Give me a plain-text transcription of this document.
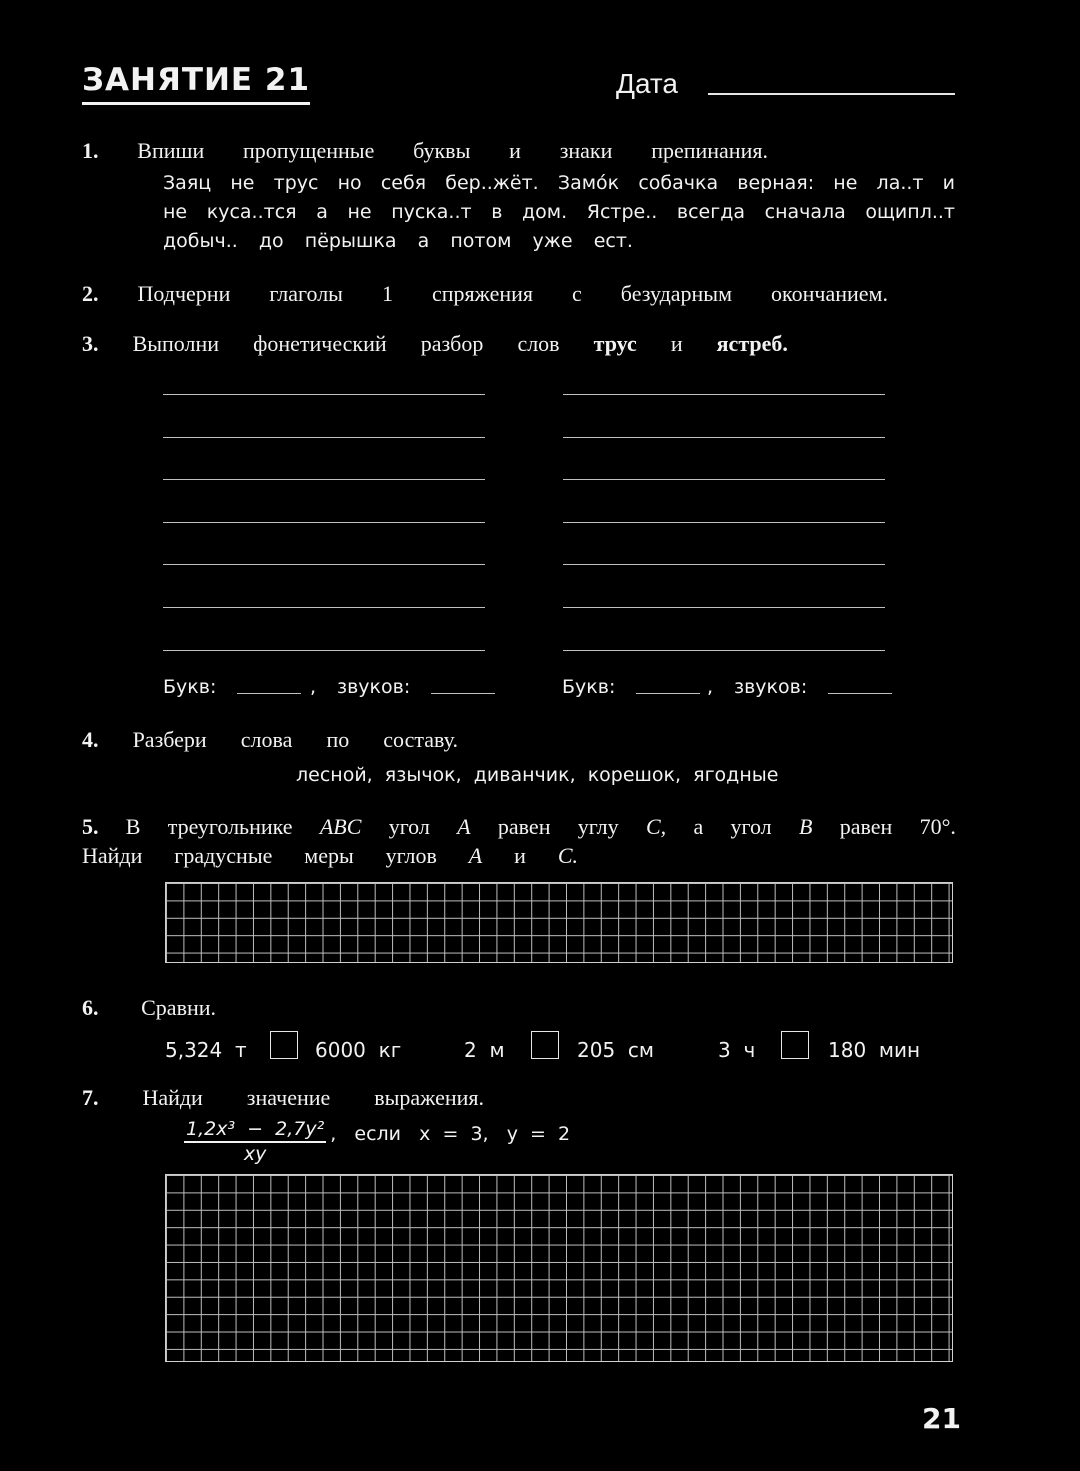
ЗАНЯТИЕ 21	Дата
1. Впиши пропущенные буквы и знаки препинания.
Заяц не трус но себя бер..жёт. Замо́к собачка верная: не ла..т и
не куса..тся а не пуска..т в дом. Ястре.. всегда сначала ощипл..т
добыч.. до пёрышка а потом уже ест.
2. Подчерни глаголы 1 спряжения с безударным окончанием.
3. Выполни фонетический разбор слов трус и ястреб.
Букв:	, звуков:	Букв:	, звуков:
4. Разбери слова по составу.
лесной,  язычок,  диванчик,  корешок,  ягодные
5. В треугольнике ABC угол A равен углу C, а угол B равен 70°.
Найди градусные меры углов A и C.
6. Сравни.
5,324  т	6000  кг	2  м	205  см	3  ч	180  мин
7. Найди значение выражения.
$\frac{\text{1,2x³  −  2,7y²}}{xy}$ ,   если   x  =  3,   y  =  2
21
